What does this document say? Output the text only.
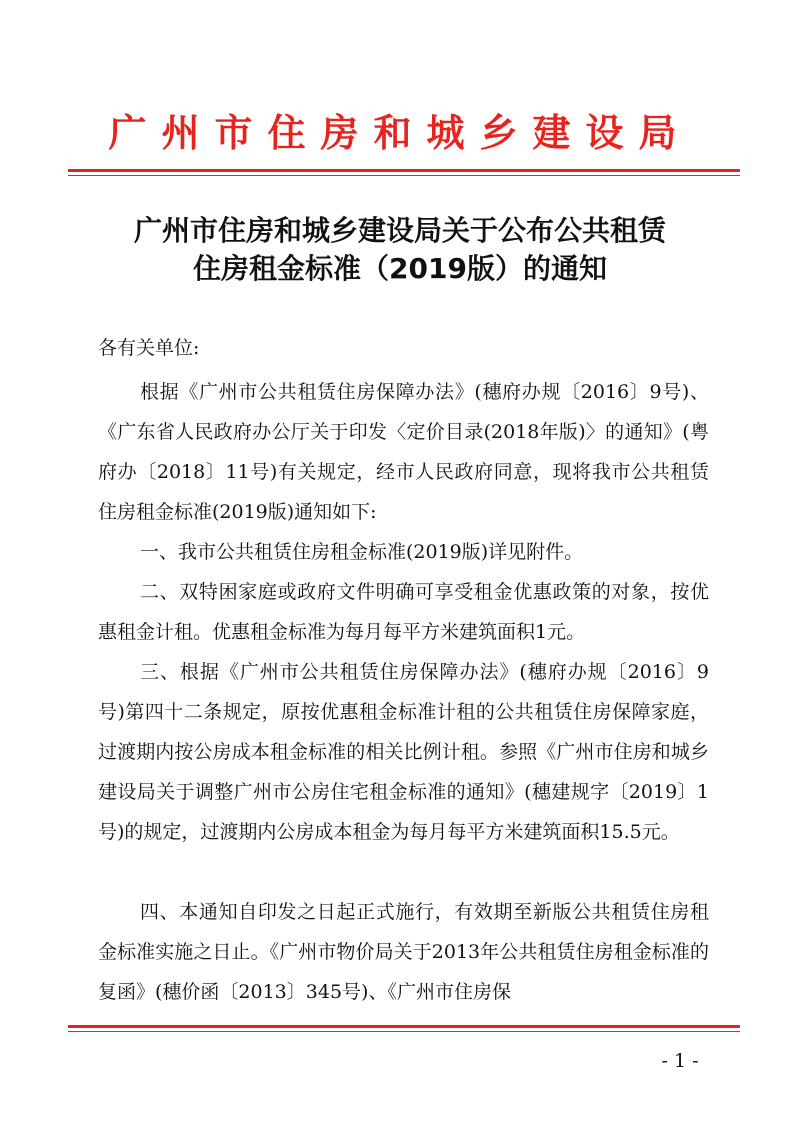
广州市住房和城乡建设局
广州市住房和城乡建设局关于公布公共租赁
住房租金标准（2019版）的通知
各有关单位:

根据《广州市公共租赁住房保障办法》(穗府办规〔2016〕9号)、《广东省人民政府办公厅关于印发〈定价目录(2018年版)〉的通知》(粤府办〔2018〕11号)有关规定，经市人民政府同意，现将我市公共租赁住房租金标准(2019版)通知如下:

一、我市公共租赁住房租金标准(2019版)详见附件。

二、双特困家庭或政府文件明确可享受租金优惠政策的对象，按优惠租金计租。优惠租金标准为每月每平方米建筑面积1元。

三、根据《广州市公共租赁住房保障办法》(穗府办规〔2016〕9号)第四十二条规定，原按优惠租金标准计租的公共租赁住房保障家庭，过渡期内按公房成本租金标准的相关比例计租。参照《广州市住房和城乡建设局关于调整广州市公房住宅租金标准的通知》(穗建规字〔2019〕1号)的规定，过渡期内公房成本租金为每月每平方米建筑面积15.5元。

四、本通知自印发之日起正式施行，有效期至新版公共租赁住房租金标准实施之日止。《广州市物价局关于2013年公共租赁住房租金标准的复函》(穗价函〔2013〕345号)、《广州市住房保

- 1 -
